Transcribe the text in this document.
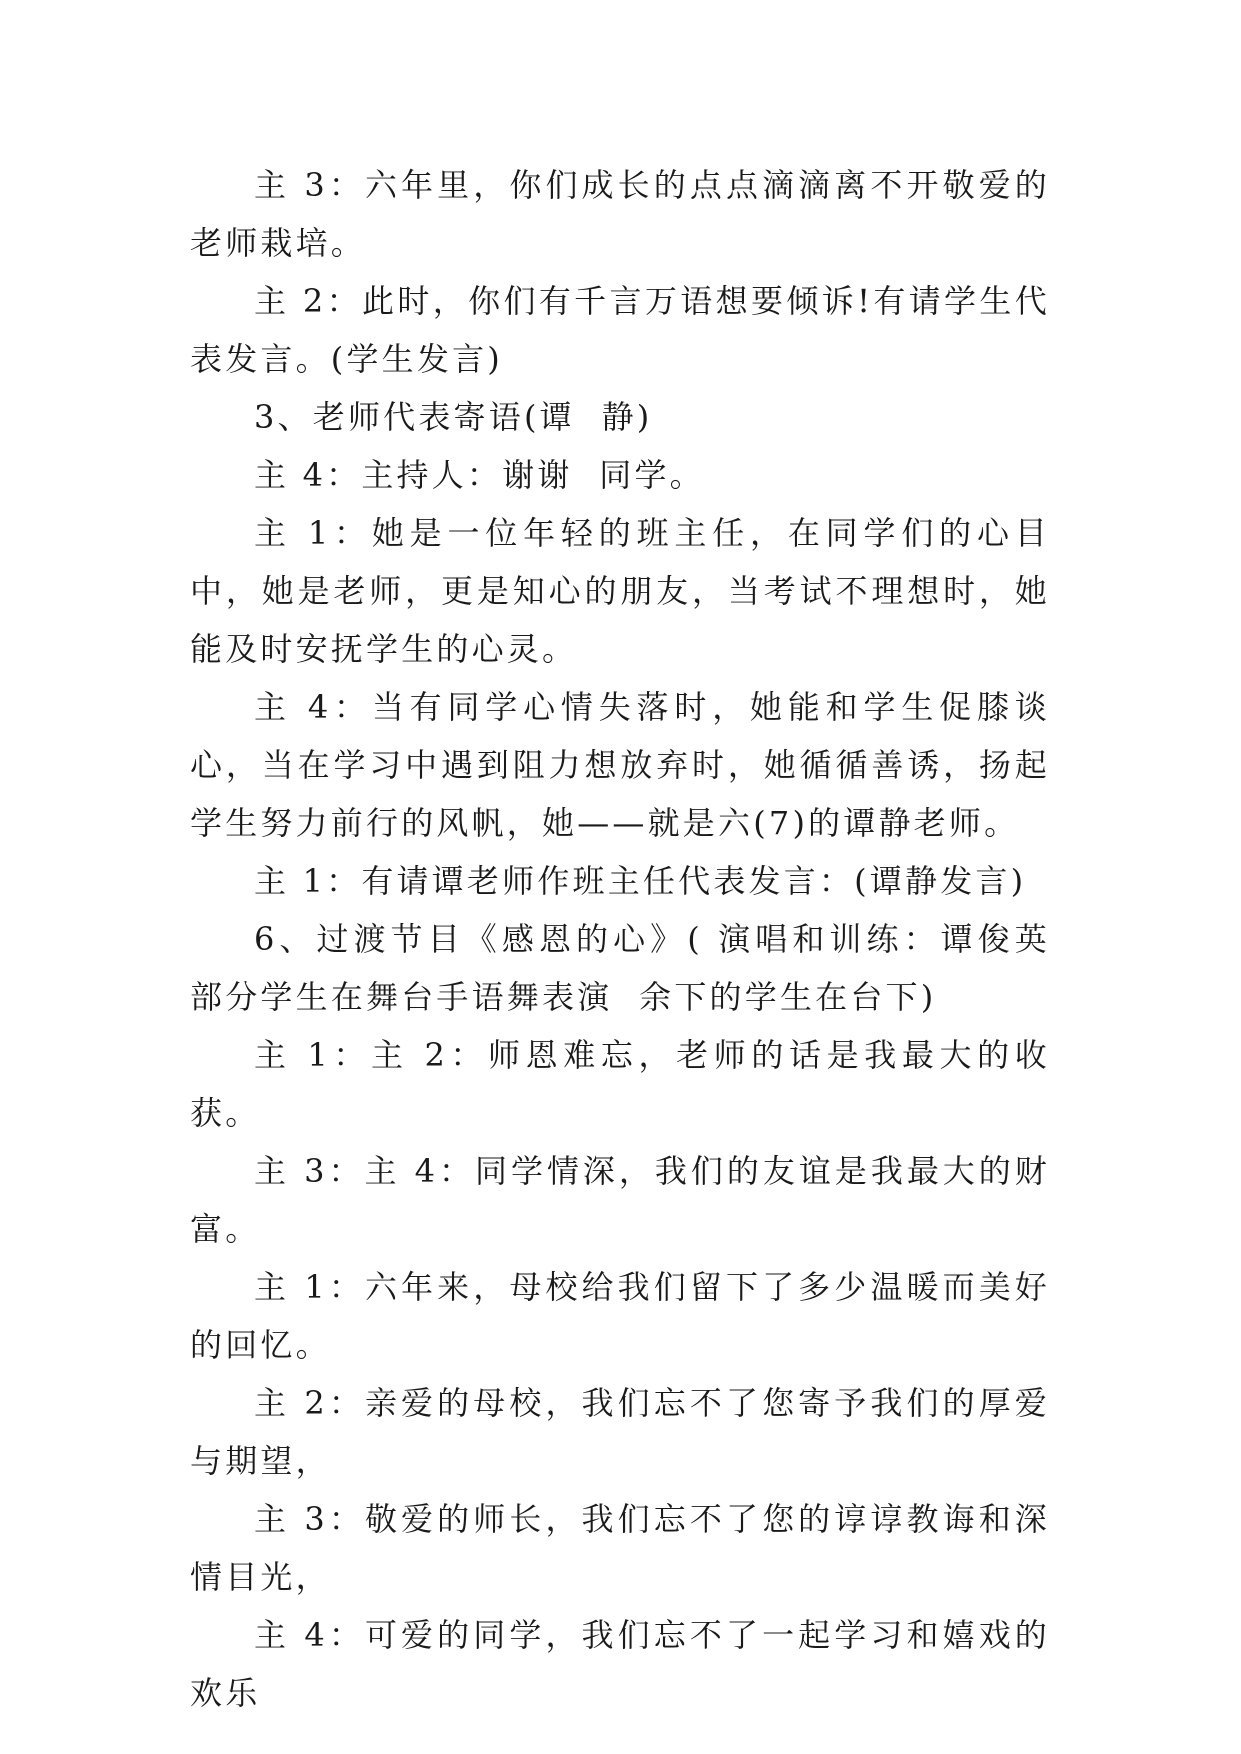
主 3：六年里，你们成长的点点滴滴离不开敬爱的老师栽培。

主 2：此时，你们有千言万语想要倾诉!有请学生代表发言。(学生发言)

3、老师代表寄语(谭  静)

主 4：主持人：谢谢  同学。

主 1：她是一位年轻的班主任，在同学们的心目中，她是老师，更是知心的朋友，当考试不理想时，她能及时安抚学生的心灵。

主 4：当有同学心情失落时，她能和学生促膝谈心，当在学习中遇到阻力想放弃时，她循循善诱，扬起学生努力前行的风帆，她——就是六(7)的谭静老师。

主 1：有请谭老师作班主任代表发言：(谭静发言)

6、过渡节目《感恩的心》( 演唱和训练：谭俊英  部分学生在舞台手语舞表演  余下的学生在台下)

主 1：主 2：师恩难忘，老师的话是我最大的收获。

主 3：主 4：同学情深，我们的友谊是我最大的财富。

主 1：六年来，母校给我们留下了多少温暖而美好的回忆。

主 2：亲爱的母校，我们忘不了您寄予我们的厚爱与期望，

主 3：敬爱的师长，我们忘不了您的谆谆教诲和深情目光，

主 4：可爱的同学，我们忘不了一起学习和嬉戏的欢乐
